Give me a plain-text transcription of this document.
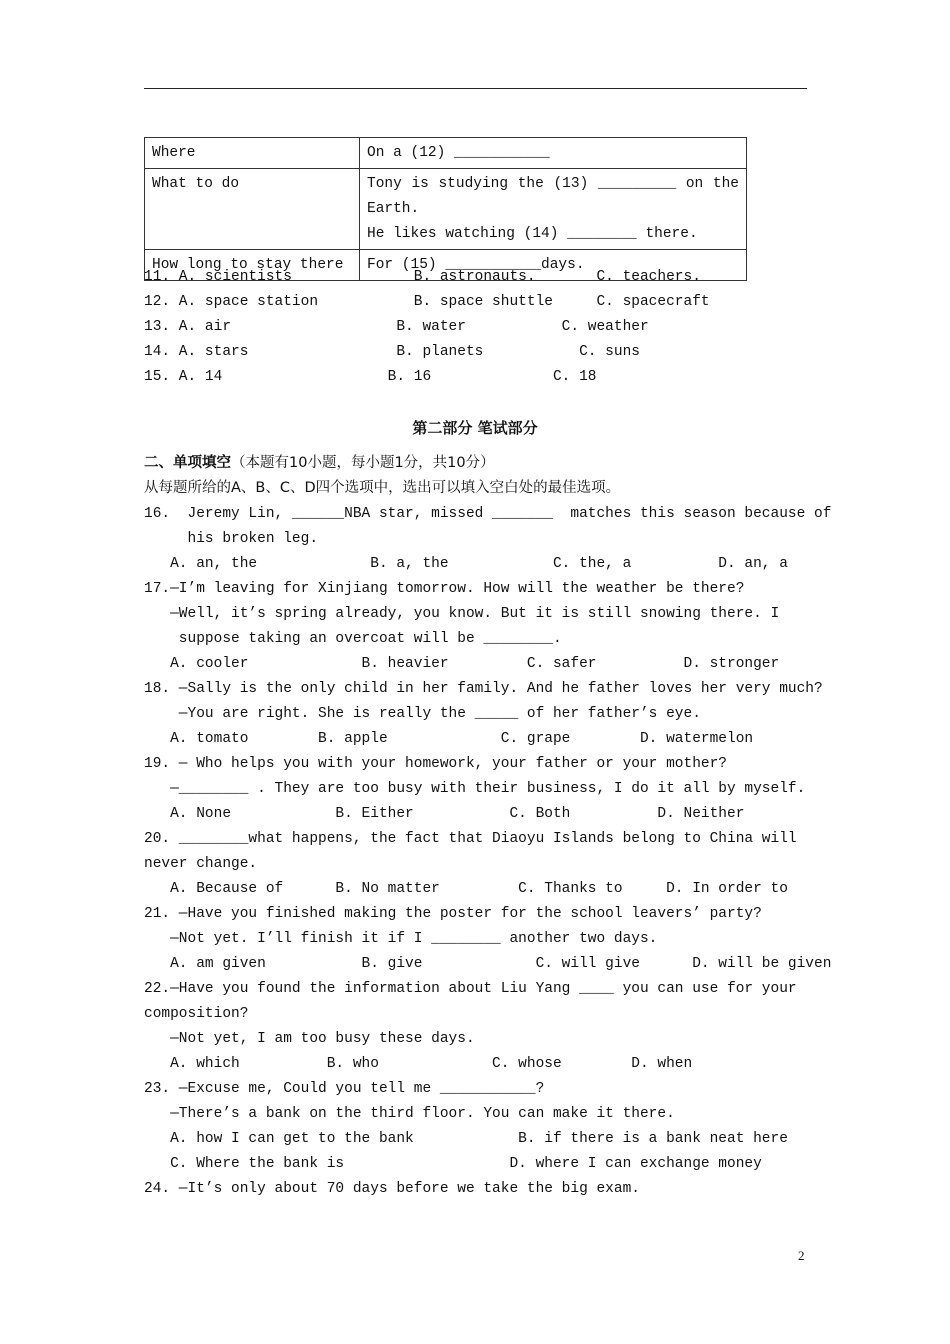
Where	On a (12) ___________

What to do	Tony is studying the (13) _________ on the
Earth.
He likes watching (14) ________ there.

How long to stay there	For (15) ___________days.
11. A. scientists              B. astronauts.       C. teachers.
12. A. space station           B. space shuttle     C. spacecraft
13. A. air                   B. water           C. weather
14. A. stars                 B. planets           C. suns
15. A. 14                   B. 16              C. 18
第二部分 笔试部分
二、单项填空（本题有10小题，每小题1分，共10分）
从每题所给的A、B、C、D四个选项中，选出可以填入空白处的最佳选项。
16.  Jeremy Lin, ______NBA star, missed _______  matches this season because of
his broken leg.
A. an, the             B. a, the            C. the, a          D. an, a
17.—I’m leaving for Xinjiang tomorrow. How will the weather be there?
—Well, it’s spring already, you know. But it is still snowing there. I
suppose taking an overcoat will be ________.
A. cooler             B. heavier         C. safer          D. stronger
18. —Sally is the only child in her family. And he father loves her very much?
—You are right. She is really the _____ of her father’s eye.
A. tomato        B. apple             C. grape        D. watermelon
19. — Who helps you with your homework, your father or your mother?
—________ . They are too busy with their business, I do it all by myself.
A. None            B. Either           C. Both          D. Neither
20. ________what happens, the fact that Diaoyu Islands belong to China will
never change.
A. Because of      B. No matter         C. Thanks to     D. In order to
21. —Have you finished making the poster for the school leavers’ party?
—Not yet. I’ll finish it if I ________ another two days.
A. am given           B. give             C. will give      D. will be given
22.—Have you found the information about Liu Yang ____ you can use for your
composition?
—Not yet, I am too busy these days.
A. which          B. who             C. whose        D. when
23. —Excuse me, Could you tell me ___________?
—There’s a bank on the third floor. You can make it there.
A. how I can get to the bank            B. if there is a bank neat here
C. Where the bank is                   D. where I can exchange money
24. —It’s only about 70 days before we take the big exam.
2
